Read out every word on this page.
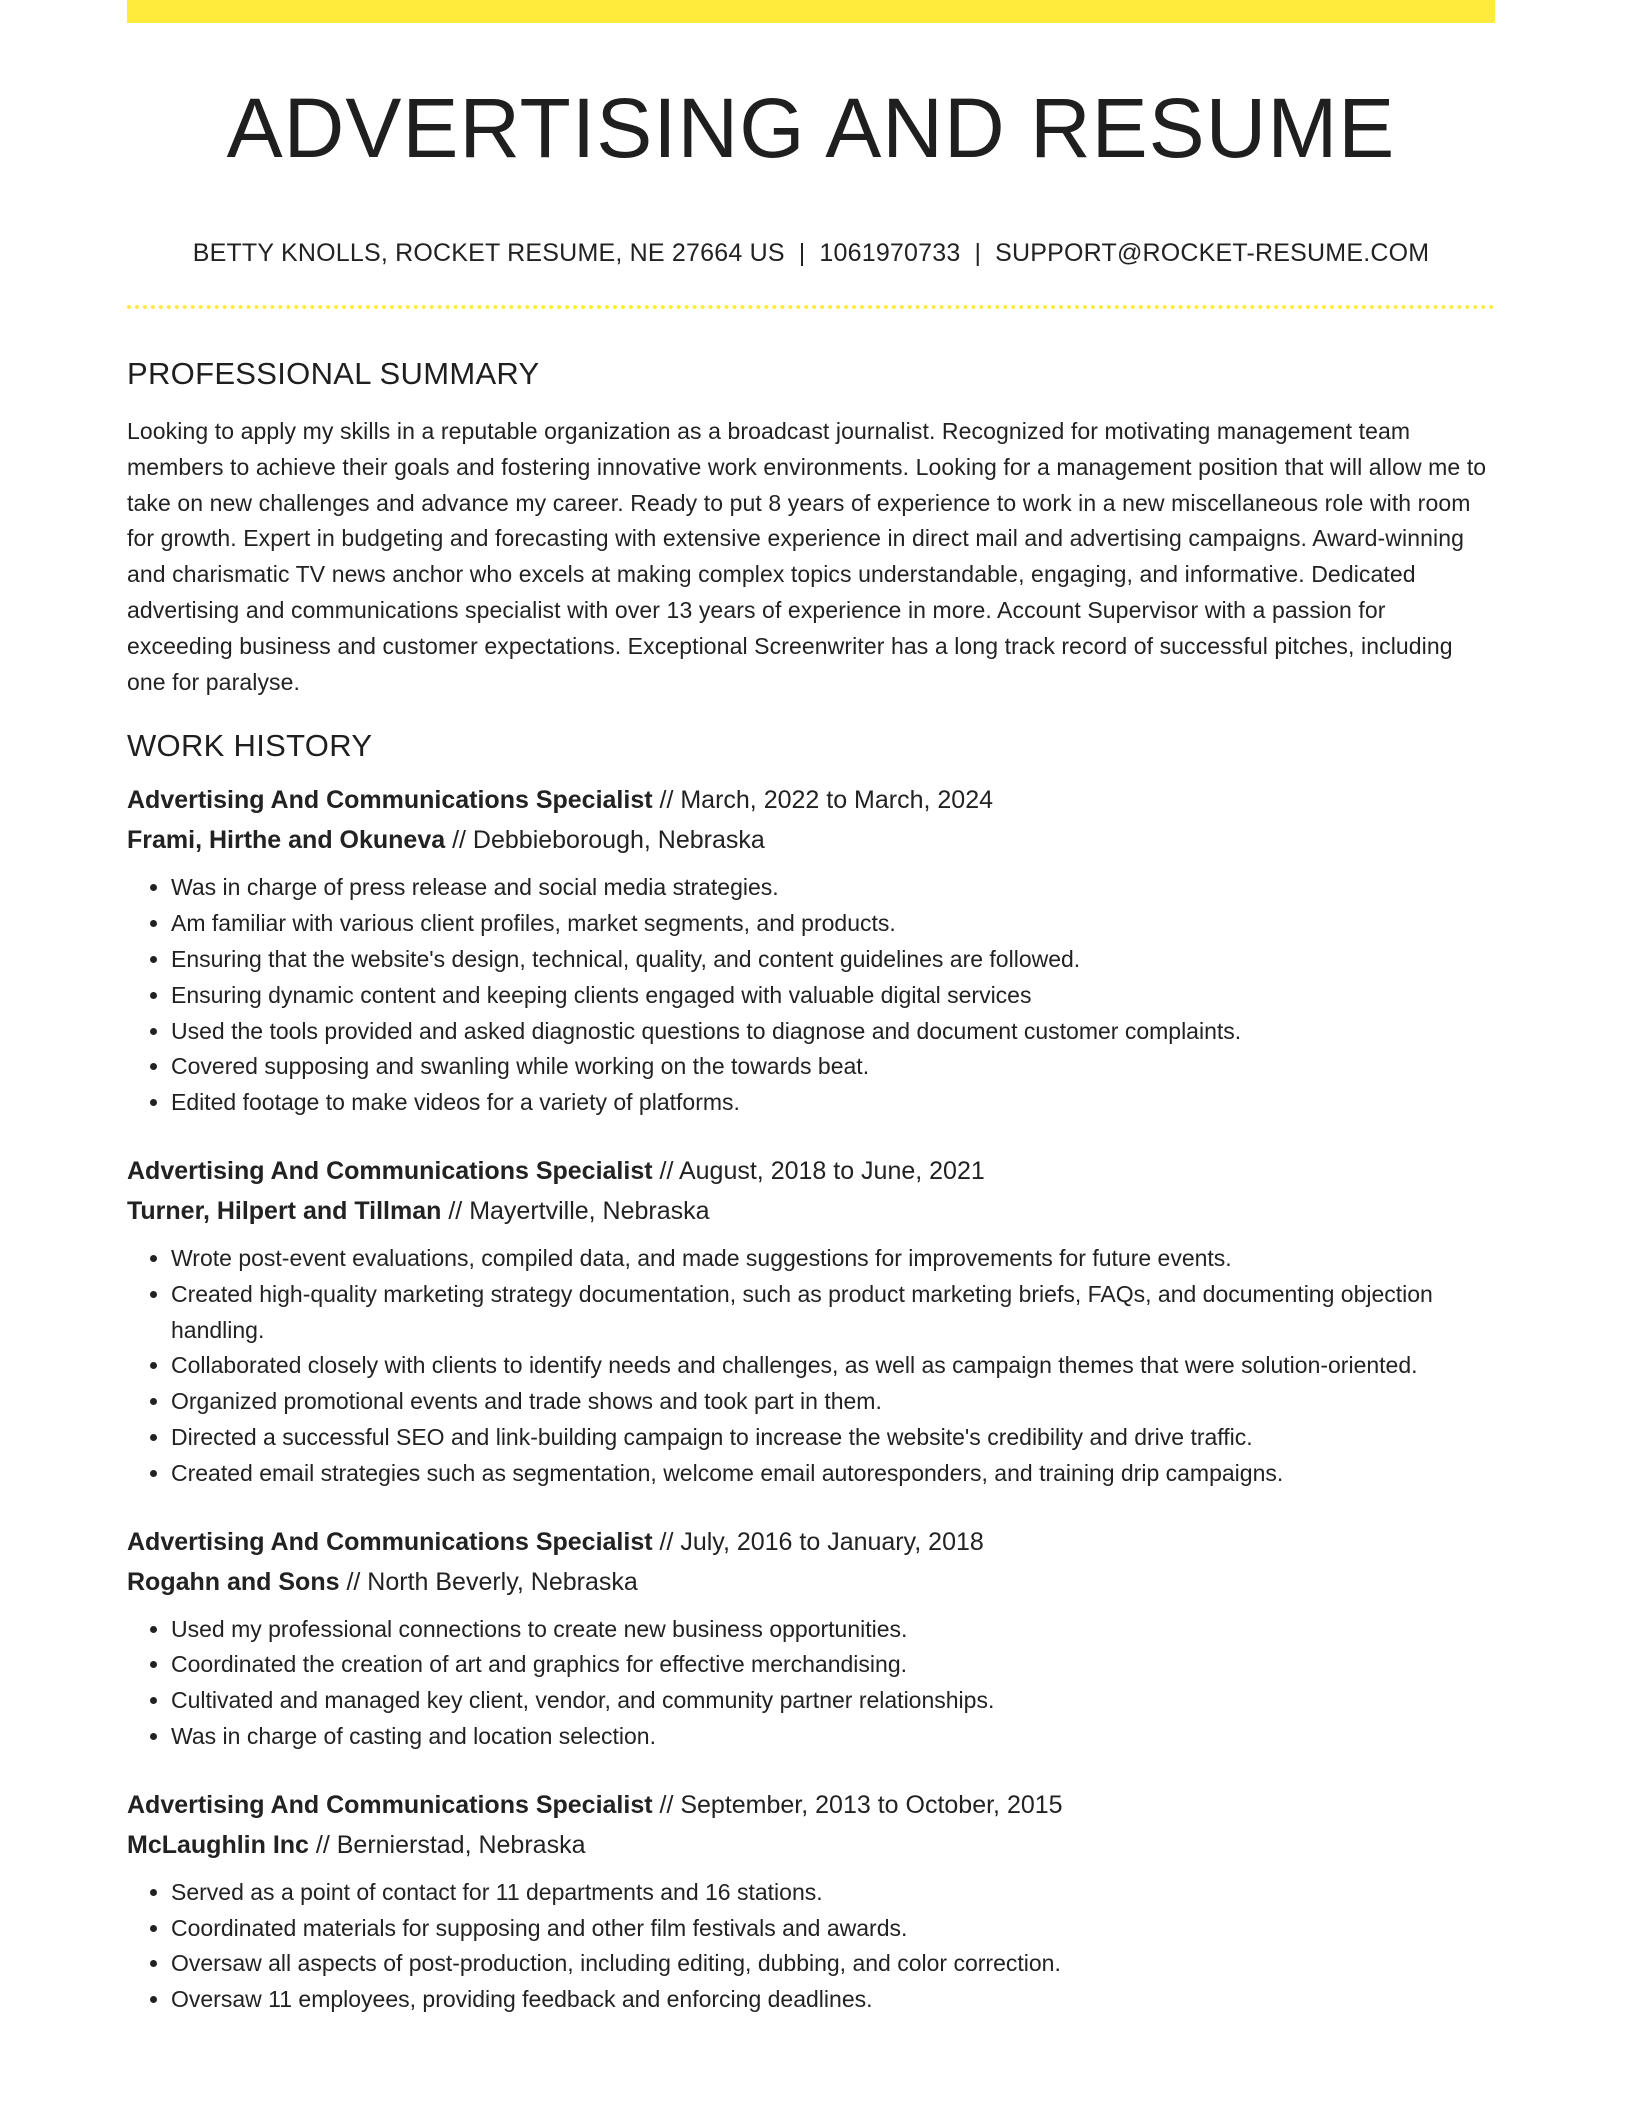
ADVERTISING AND RESUME
BETTY KNOLLS, ROCKET RESUME, NE 27664 US | 1061970733 | SUPPORT@ROCKET-RESUME.COM
PROFESSIONAL SUMMARY

Looking to apply my skills in a reputable organization as a broadcast journalist. Recognized for motivating management team members to achieve their goals and fostering innovative work environments. Looking for a management position that will allow me to take on new challenges and advance my career. Ready to put 8 years of experience to work in a new miscellaneous role with room for growth. Expert in budgeting and forecasting with extensive experience in direct mail and advertising campaigns. Award-winning and charismatic TV news anchor who excels at making complex topics understandable, engaging, and informative. Dedicated advertising and communications specialist with over 13 years of experience in more. Account Supervisor with a passion for exceeding business and customer expectations. Exceptional Screenwriter has a long track record of successful pitches, including one for paralyse.

WORK HISTORY
Advertising And Communications Specialist // March, 2022 to March, 2024
Frami, Hirthe and Okuneva // Debbieborough, Nebraska
• Was in charge of press release and social media strategies.
• Am familiar with various client profiles, market segments, and products.
• Ensuring that the website's design, technical, quality, and content guidelines are followed.
• Ensuring dynamic content and keeping clients engaged with valuable digital services
• Used the tools provided and asked diagnostic questions to diagnose and document customer complaints.
• Covered supposing and swanling while working on the towards beat.
• Edited footage to make videos for a variety of platforms.
Advertising And Communications Specialist // August, 2018 to June, 2021
Turner, Hilpert and Tillman // Mayertville, Nebraska
• Wrote post-event evaluations, compiled data, and made suggestions for improvements for future events.
• Created high-quality marketing strategy documentation, such as product marketing briefs, FAQs, and documenting objection handling.
• Collaborated closely with clients to identify needs and challenges, as well as campaign themes that were solution-oriented.
• Organized promotional events and trade shows and took part in them.
• Directed a successful SEO and link-building campaign to increase the website's credibility and drive traffic.
• Created email strategies such as segmentation, welcome email autoresponders, and training drip campaigns.
Advertising And Communications Specialist // July, 2016 to January, 2018
Rogahn and Sons // North Beverly, Nebraska
• Used my professional connections to create new business opportunities.
• Coordinated the creation of art and graphics for effective merchandising.
• Cultivated and managed key client, vendor, and community partner relationships.
• Was in charge of casting and location selection.
Advertising And Communications Specialist // September, 2013 to October, 2015
McLaughlin Inc // Bernierstad, Nebraska
• Served as a point of contact for 11 departments and 16 stations.
• Coordinated materials for supposing and other film festivals and awards.
• Oversaw all aspects of post-production, including editing, dubbing, and color correction.
• Oversaw 11 employees, providing feedback and enforcing deadlines.
